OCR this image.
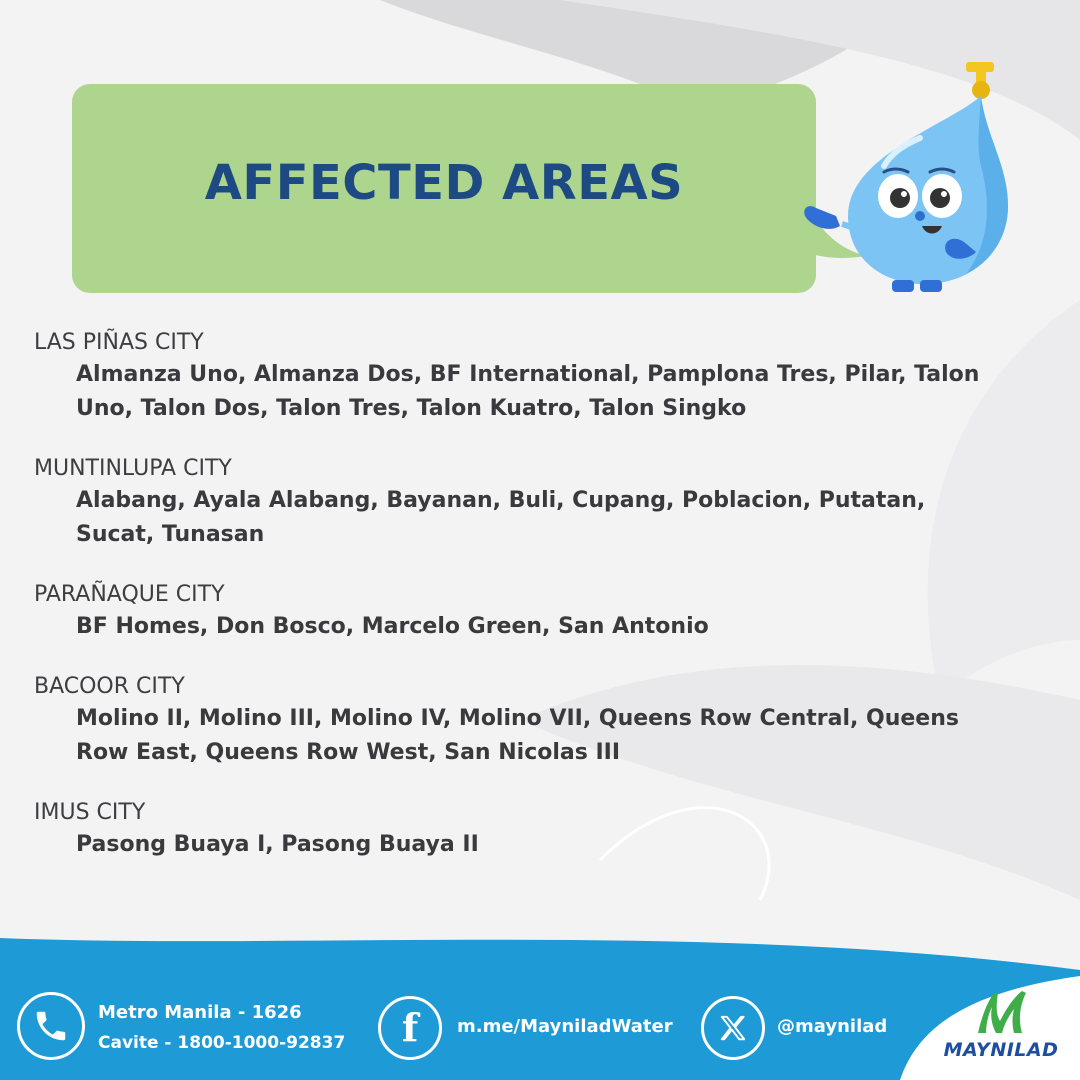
AFFECTED AREAS
LAS PIÑAS CITY
Almanza Uno, Almanza Dos, BF International, Pamplona Tres, Pilar, Talon Uno, Talon Dos, Talon Tres, Talon Kuatro, Talon Singko
MUNTINLUPA CITY
Alabang, Ayala Alabang, Bayanan, Buli, Cupang, Poblacion, Putatan, Sucat, Tunasan
PARAÑAQUE CITY
BF Homes, Don Bosco, Marcelo Green, San Antonio
BACOOR CITY
Molino II, Molino III, Molino IV, Molino VII, Queens Row Central, Queens Row East, Queens Row West, San Nicolas III
IMUS CITY
Pasong Buaya I, Pasong Buaya II
Metro Manila - 1626
Cavite - 1800-1000-92837 f m.me/MayniladWater	@maynilad
MAYNILAD
